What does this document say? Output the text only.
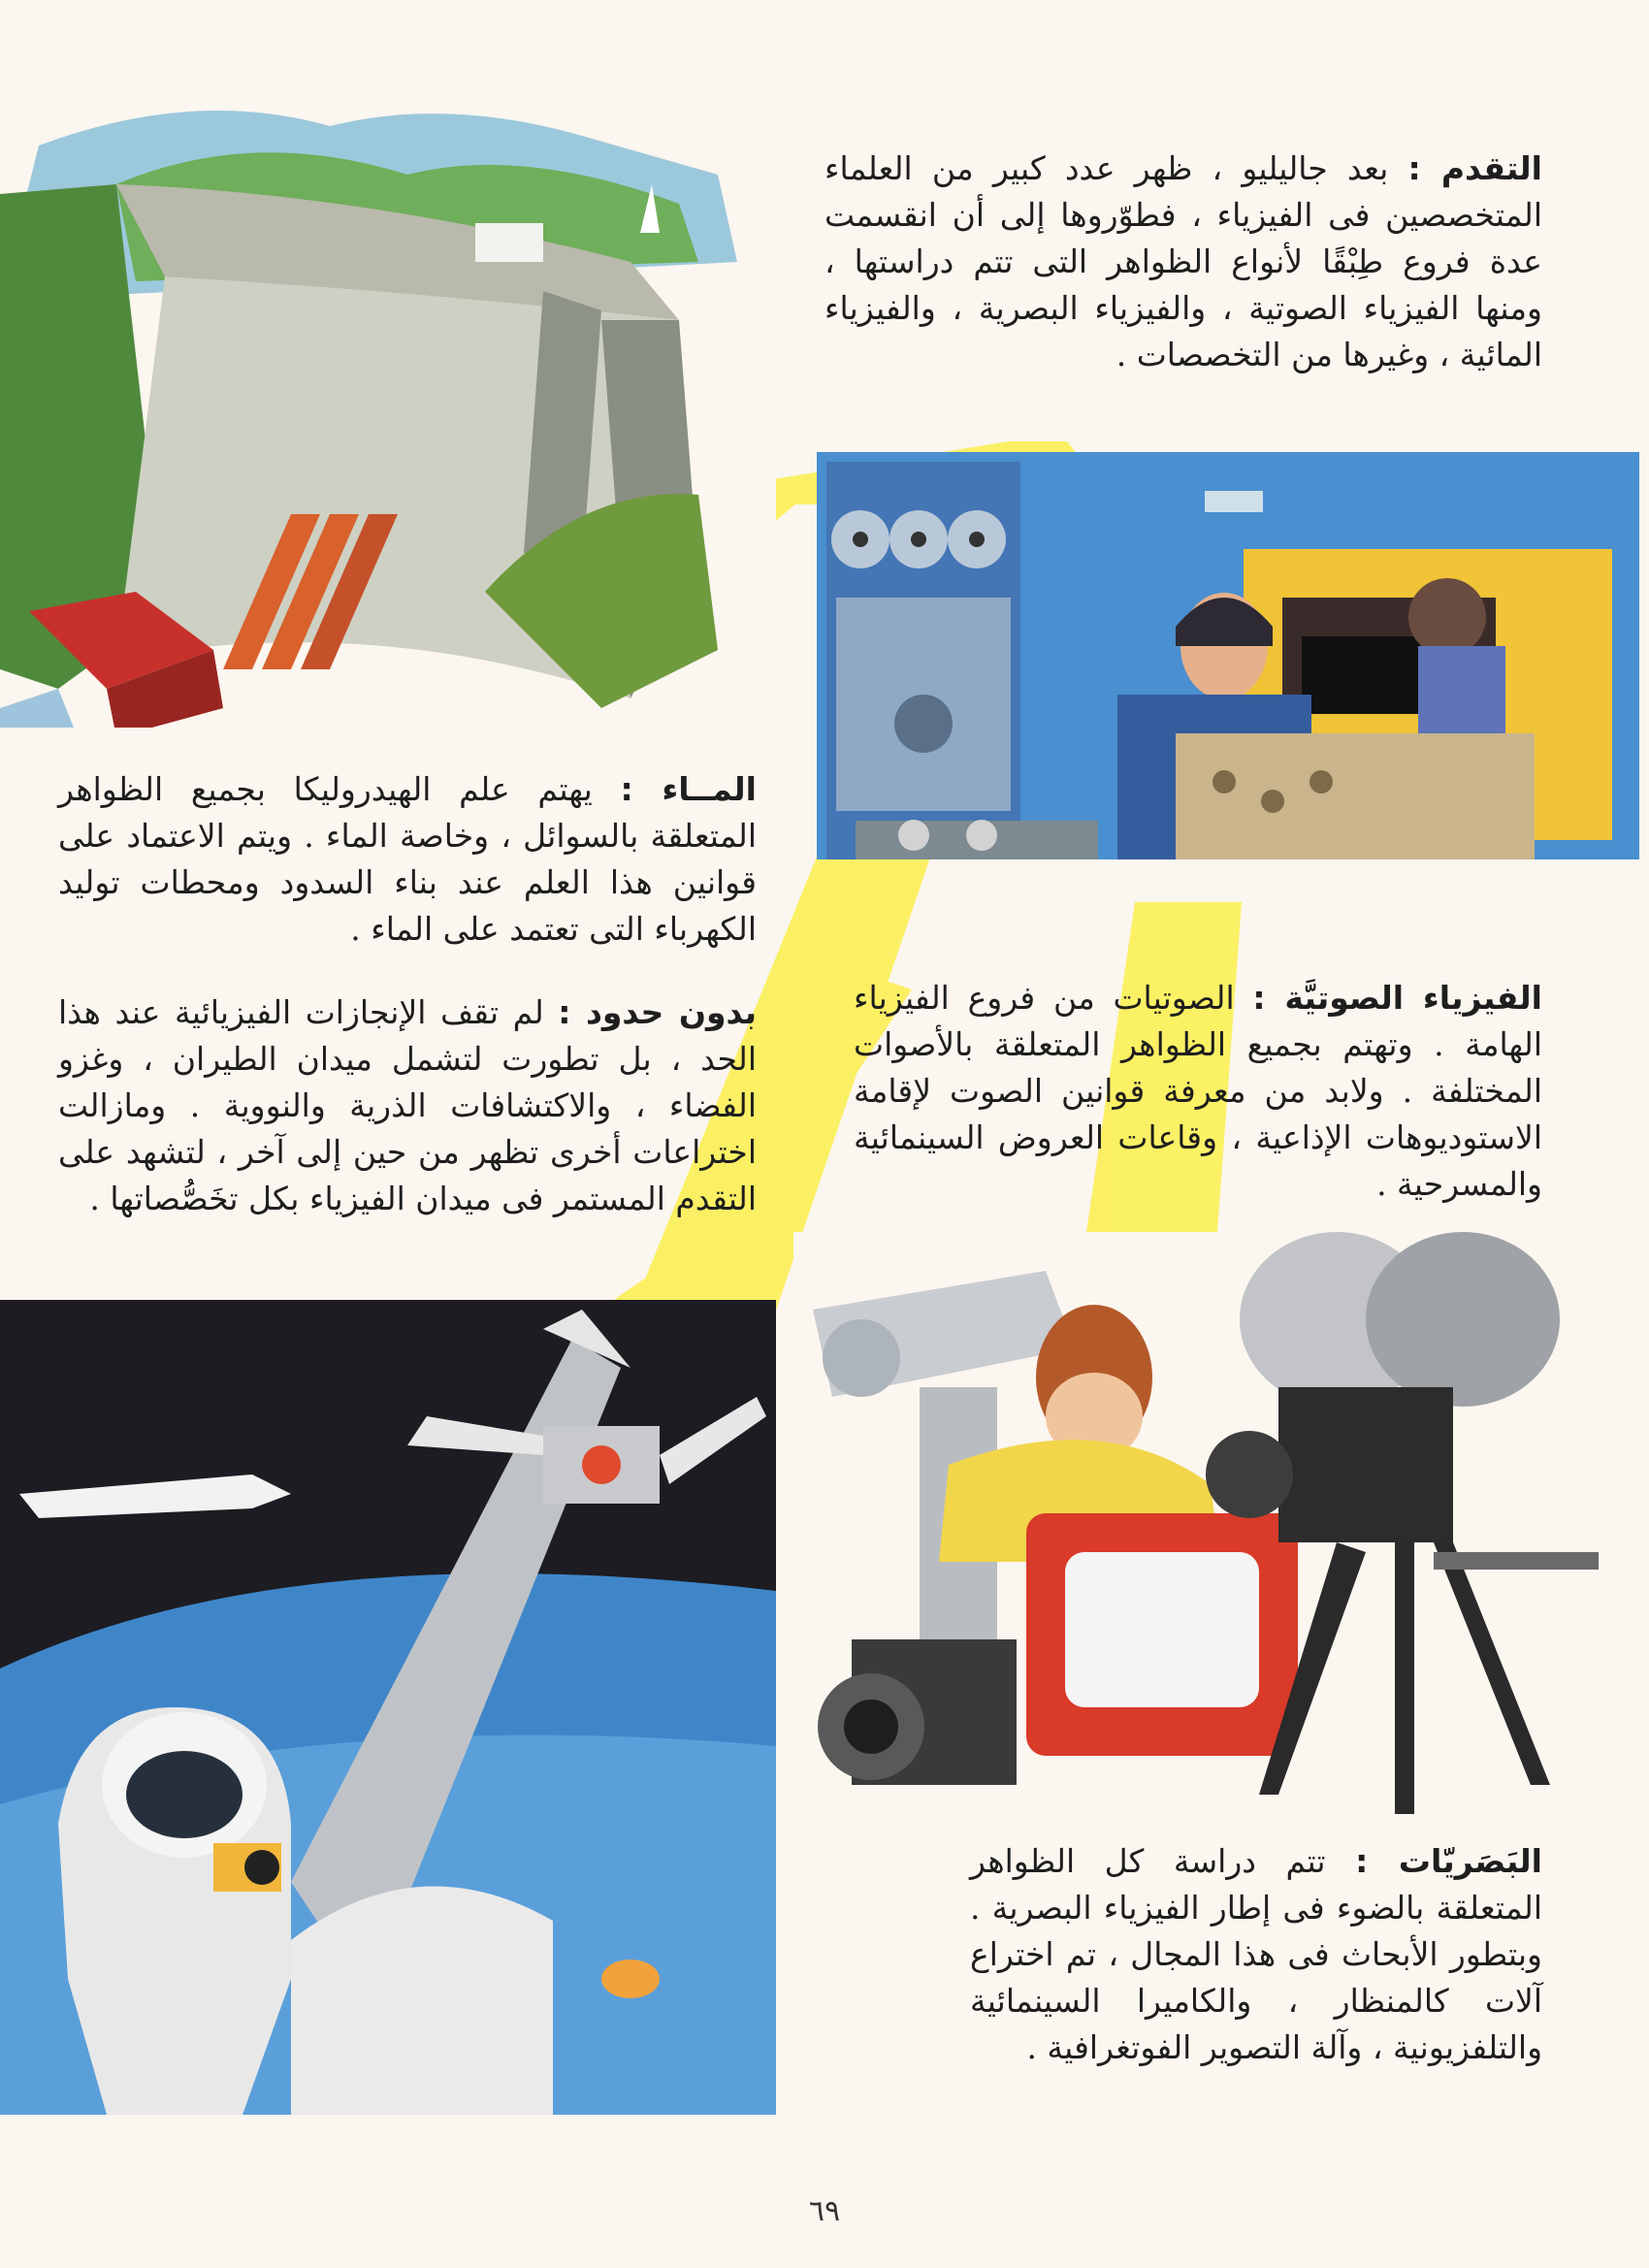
التقدم : بعد جاليليو ، ظهر عدد كبير من العلماء المتخصصين فى الفيزياء ، فطوّروها إلى أن انقسمت عدة فروع طِبْقًا لأنواع الظواهر التى تتم دراستها ، ومنها الفيزياء الصوتية ، والفيزياء البصرية ، والفيزياء المائية ، وغيرها من التخصصات .
المــاء : يهتم علم الهيدروليكا بجميع الظواهر المتعلقة بالسوائل ، وخاصة الماء . ويتم الاعتماد على قوانين هذا العلم عند بناء السدود ومحطات توليد الكهرباء التى تعتمد على الماء .
بدون حدود : لم تقف الإنجازات الفيزيائية عند هذا الحد ، بل تطورت لتشمل ميدان الطيران ، وغزو الفضاء ، والاكتشافات الذرية والنووية . ومازالت اختراعات أخرى تظهر من حين إلى آخر ، لتشهد على التقدم المستمر فى ميدان الفيزياء بكل تخَصُّصاتها .
الفيزياء الصوتيَّة : الصوتيات من فروع الفيزياء الهامة . وتهتم بجميع الظواهر المتعلقة بالأصوات المختلفة . ولابد من معرفة قوانين الصوت لإقامة الاستوديوهات الإذاعية ، وقاعات العروض السينمائية والمسرحية .
البَصَريّات : تتم دراسة كل الظواهر المتعلقة بالضوء فى إطار الفيزياء البصرية . وبتطور الأبحاث فى هذا المجال ، تم اختراع آلات كالمنظار ، والكاميرا السينمائية والتلفزيونية ، وآلة التصوير الفوتغرافية .
٦٩
